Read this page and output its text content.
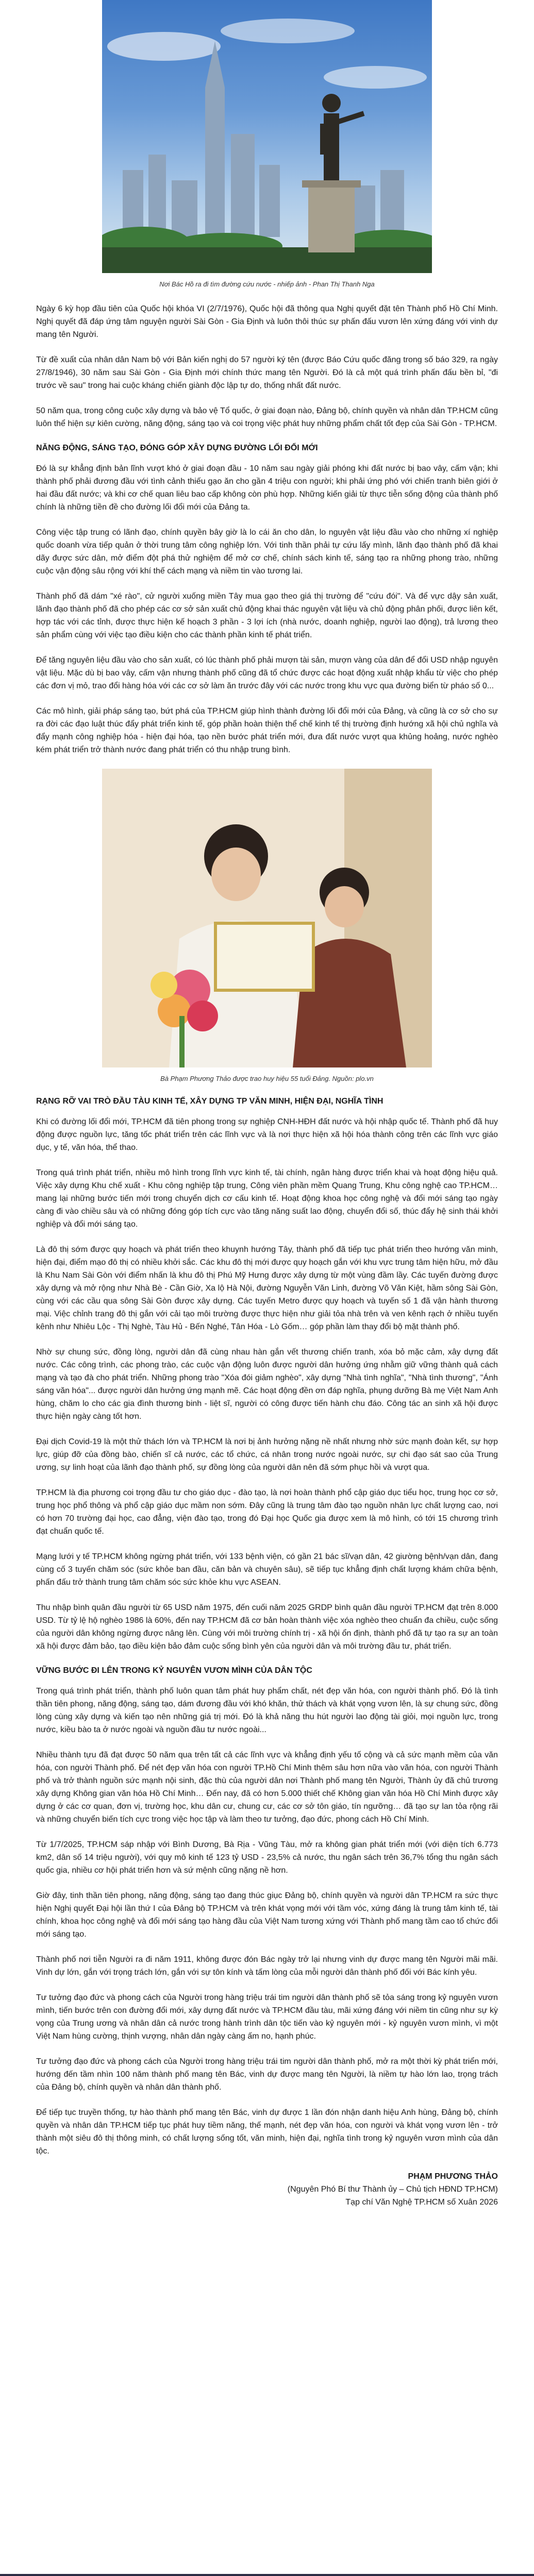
Nơi Bác Hồ ra đi tìm đường cứu nước - nhiếp ảnh - Phan Thị Thanh Nga

Ngày 6 kỳ họp đầu tiên của Quốc hội khóa VI (2/7/1976), Quốc hội đã thông qua Nghị quyết đặt tên Thành phố Hồ Chí Minh. Nghị quyết đã đáp ứng tâm nguyện người Sài Gòn - Gia Định và luôn thôi thúc sự phấn đấu vươn lên xứng đáng với vinh dự mang tên Người.

Từ đề xuất của nhân dân Nam bộ với Bản kiến nghị do 57 người ký tên (được Báo Cứu quốc đăng trong số báo 329, ra ngày 27/8/1946), 30 năm sau Sài Gòn - Gia Định mới chính thức mang tên Người. Đó là cả một quá trình phấn đấu bền bỉ, "đi trước về sau" trong hai cuộc kháng chiến giành độc lập tự do, thống nhất đất nước.

50 năm qua, trong công cuộc xây dựng và bảo vệ Tổ quốc, ở giai đoạn nào, Đảng bộ, chính quyền và nhân dân TP.HCM cũng luôn thể hiện sự kiên cường, năng động, sáng tạo và coi trọng việc phát huy những phẩm chất tốt đẹp của Sài Gòn - TP.HCM.

NĂNG ĐỘNG, SÁNG TẠO, ĐÓNG GÓP XÂY DỰNG ĐƯỜNG LỐI ĐỔI MỚI

Đó là sự khẳng định bản lĩnh vượt khó ở giai đoạn đầu - 10 năm sau ngày giải phóng khi đất nước bị bao vây, cấm vận; khi thành phố phải đương đầu với tình cảnh thiếu gạo ăn cho gần 4 triệu con người; khi phải ứng phó với chiến tranh biên giới ở hai đầu đất nước; và khi cơ chế quan liêu bao cấp không còn phù hợp. Những kiến giải từ thực tiễn sống động của thành phố chính là những tiền đề cho đường lối đổi mới của Đảng ta.

Công việc tập trung có lãnh đạo, chính quyền bây giờ là lo cái ăn cho dân, lo nguyên vật liệu đầu vào cho những xí nghiệp quốc doanh vừa tiếp quản ở thời trung tâm công nghiệp lớn. Với tinh thần phải tự cứu lấy mình, lãnh đạo thành phố đã khai dãy được sức dân, mở điểm đột phá thử nghiệm để mở cơ chế, chính sách kinh tế, sáng tạo ra những phong trào, những cuộc vận động sâu rộng với khí thế cách mạng và niềm tin vào tương lai.

Thành phố đã dám "xé rào", cử người xuống miền Tây mua gạo theo giá thị trường để "cứu đói". Và để vực dậy sản xuất, lãnh đạo thành phố đã cho phép các cơ sở sản xuất chủ động khai thác nguyên vật liệu và chủ động phân phối, được liên kết, hợp tác với các tỉnh, được thực hiện kế hoạch 3 phần - 3 lợi ích (nhà nước, doanh nghiệp, người lao động), trả lương theo sản phẩm cùng với việc tạo điều kiện cho các thành phần kinh tế phát triển.

Để tăng nguyên liệu đầu vào cho sản xuất, có lúc thành phố phải mượn tài sản, mượn vàng của dân để đổi USD nhập nguyên vật liệu. Mặc dù bị bao vây, cấm vận nhưng thành phố cũng đã tổ chức được các hoạt động xuất nhập khẩu từ việc cho phép các đơn vị mỏ, trao đổi hàng hóa với các cơ sở làm ăn trước đây với các nước trong khu vực qua đường biển từ pháo số 0...

Các mô hình, giải pháp sáng tạo, bứt phá của TP.HCM giúp hình thành đường lối đổi mới của Đảng, và cũng là cơ sở cho sự ra đời các đạo luật thúc đẩy phát triển kinh tế, góp phần hoàn thiện thể chế kinh tế thị trường định hướng xã hội chủ nghĩa và đẩy mạnh công nghiệp hóa - hiện đại hóa, tạo nền bước phát triển mới, đưa đất nước vượt qua khủng hoảng, nước nghèo kém phát triển trở thành nước đang phát triển có thu nhập trung bình.

Bà Phạm Phương Thảo được trao huy hiệu 55 tuổi Đảng. Nguồn: plo.vn
RẠNG RỠ VAI TRÒ ĐẦU TÀU KINH TẾ, XÂY DỰNG TP VĂN MINH, HIỆN ĐẠI, NGHĨA TÌNH

Khi có đường lối đổi mới, TP.HCM đã tiên phong trong sự nghiệp CNH-HĐH đất nước và hội nhập quốc tế. Thành phố đã huy động được nguồn lực, tăng tốc phát triển trên các lĩnh vực và là nơi thực hiện xã hội hóa thành công trên các lĩnh vực giáo dục, y tế, văn hóa, thể thao.

Trong quá trình phát triển, nhiều mô hình trong lĩnh vực kinh tế, tài chính, ngân hàng được triển khai và hoạt động hiệu quả. Việc xây dựng Khu chế xuất - Khu công nghiệp tập trung, Công viên phần mềm Quang Trung, Khu công nghệ cao TP.HCM… mang lại những bước tiến mới trong chuyển dịch cơ cấu kinh tế. Hoạt động khoa học công nghệ và đổi mới sáng tạo ngày càng đi vào chiều sâu và có những đóng góp tích cực vào tăng năng suất lao động, chuyển đổi số, thúc đẩy hệ sinh thái khởi nghiệp và đổi mới sáng tạo.

Là đô thị sớm được quy hoạch và phát triển theo khuynh hướng Tây, thành phố đã tiếp tục phát triển theo hướng văn minh, hiện đại, điểm mạo đô thị có nhiều khởi sắc. Các khu đô thị mới được quy hoạch gắn với khu vực trung tâm hiện hữu, mở đầu là Khu Nam Sài Gòn với điểm nhấn là khu đô thị Phú Mỹ Hưng được xây dựng từ một vùng đầm lầy. Các tuyến đường được xây dựng và mở rộng như Nhà Bè - Cần Giờ, Xa lộ Hà Nội, đường Nguyễn Văn Linh, đường Võ Văn Kiệt, hầm sông Sài Gòn, cùng với các cầu qua sông Sài Gòn được xây dựng. Các tuyến Metro được quy hoạch và tuyến số 1 đã vận hành thương mại. Việc chỉnh trang đô thị gắn với cải tạo môi trường được thực hiện như giải tỏa nhà trên và ven kênh rạch ở nhiều tuyến kênh như Nhiêu Lộc - Thị Nghè, Tàu Hủ - Bến Nghé, Tân Hóa - Lò Gốm… góp phần làm thay đổi bộ mặt thành phố.

Nhờ sự chung sức, đồng lòng, người dân đã cùng nhau hàn gắn vết thương chiến tranh, xóa bỏ mặc cảm, xây dựng đất nước. Các công trình, các phong trào, các cuộc vận động luôn được người dân hưởng ứng nhằm giữ vững thành quả cách mạng và tạo đà cho phát triển. Những phong trào "Xóa đói giảm nghèo", xây dựng "Nhà tình nghĩa", "Nhà tình thương", "Ánh sáng văn hóa"... được người dân hưởng ứng mạnh mẽ. Các hoạt động đền ơn đáp nghĩa, phụng dưỡng Bà mẹ Việt Nam Anh hùng, chăm lo cho các gia đình thương binh - liệt sĩ, người có công được tiến hành chu đáo. Công tác an sinh xã hội được thực hiện ngày càng tốt hơn.

Đại dịch Covid-19 là một thử thách lớn và TP.HCM là nơi bị ảnh hưởng nặng nề nhất nhưng nhờ sức mạnh đoàn kết, sự hợp lực, giúp đỡ của đồng bào, chiến sĩ cả nước, các tổ chức, cá nhân trong nước ngoài nước, sự chi đạo sát sao của Trung ương, sự linh hoạt của lãnh đạo thành phố, sự đồng lòng của người dân nên đã sớm phục hồi và vượt qua.

TP.HCM là địa phương coi trọng đầu tư cho giáo dục - đào tạo, là nơi hoàn thành phổ cập giáo dục tiểu học, trung học cơ sở, trung học phổ thông và phổ cập giáo dục mầm non sớm. Đây cũng là trung tâm đào tạo nguồn nhân lực chất lượng cao, nơi có hơn 70 trường đại học, cao đẳng, viện đào tạo, trong đó Đại học Quốc gia được xem là mô hình, có tới 15 chương trình đạt chuẩn quốc tế.

Mạng lưới y tế TP.HCM không ngừng phát triển, với 133 bệnh viện, có gần 21 bác sĩ/vạn dân, 42 giường bệnh/vạn dân, đang cùng cố 3 tuyến chăm sóc (sức khỏe ban đầu, căn bản và chuyên sâu), sẽ tiếp tục khẳng định chất lượng khám chữa bệnh, phấn đấu trở thành trung tâm chăm sóc sức khỏe khu vực ASEAN.

Thu nhập bình quân đầu người từ 65 USD năm 1975, đến cuối năm 2025 GRDP bình quân đầu người TP.HCM đạt trên 8.000 USD. Từ tỷ lệ hộ nghèo 1986 là 60%, đến nay TP.HCM đã cơ bản hoàn thành việc xóa nghèo theo chuẩn đa chiều, cuộc sống của người dân không ngừng được nâng lên. Cùng với môi trường chính trị - xã hội ổn định, thành phố đã tự tạo ra sự an toàn xã hội được đảm bảo, tạo điều kiện bảo đảm cuộc sống bình yên của người dân và môi trường đầu tư, phát triển.

VỮNG BƯỚC ĐI LÊN TRONG KỶ NGUYÊN VƯƠN MÌNH CỦA DÂN TỘC

Trong quá trình phát triển, thành phố luôn quan tâm phát huy phẩm chất, nét đẹp văn hóa, con người thành phố. Đó là tình thần tiên phong, năng động, sáng tạo, dám đương đầu với khó khăn, thử thách và khát vọng vươn lên, là sự chung sức, đồng lòng cùng xây dựng và kiến tạo nên những giá trị mới. Đó là khả năng thu hút người lao động tài giỏi, mọi nguồn lực, trong nước, kiều bào ta ở nước ngoài và nguồn đầu tư nước ngoài...

Nhiều thành tựu đã đạt được 50 năm qua trên tất cả các lĩnh vực và khẳng định yếu tố cộng và cả sức mạnh mềm của văn hóa, con người Thành phố. Để nét đẹp văn hóa con người TP.Hồ Chí Minh thêm sâu hơn nữa vào văn hóa, con người Thành phố và trở thành nguồn sức mạnh nội sinh, đặc thù của người dân nơi Thành phố mang tên Người, Thành ủy đã chủ trương xây dựng Không gian văn hóa Hồ Chí Minh… Đến nay, đã có hơn 5.000 thiết chế Không gian văn hóa Hồ Chí Minh được xây dựng ở các cơ quan, đơn vị, trường học, khu dân cư, chung cư, các cơ sở tôn giáo, tín ngưỡng… đã tạo sự lan tỏa rộng rãi và những chuyển biến tích cực trong việc học tập và làm theo tư tưởng, đạo đức, phong cách Hồ Chí Minh.

Từ 1/7/2025, TP.HCM sáp nhập với Bình Dương, Bà Rịa - Vũng Tàu, mở ra không gian phát triển mới (với diện tích 6.773 km2, dân số 14 triệu người), với quy mô kinh tế 123 tỷ USD - 23,5% cả nước, thu ngân sách trên 36,7% tổng thu ngân sách quốc gia, nhiều cơ hội phát triển hơn và sứ mệnh cũng nặng nề hơn.

Giờ đây, tinh thần tiên phong, năng động, sáng tạo đang thúc giục Đảng bộ, chính quyền và người dân TP.HCM ra sức thực hiện Nghị quyết Đại hội lần thứ I của Đảng bộ TP.HCM và trên khát vọng mới với tầm vóc, xứng đáng là trung tâm kinh tế, tài chính, khoa học công nghệ và đổi mới sáng tạo hàng đầu của Việt Nam tương xứng với Thành phố mang tầm cao tổ chức đổi mới sáng tạo.

Thành phố nơi tiễn Người ra đi năm 1911, không được đón Bác ngày trở lại nhưng vinh dự được mang tên Người mãi mãi. Vinh dự lớn, gắn với trọng trách lớn, gắn với sự tôn kính và tấm lòng của mỗi người dân thành phố đối với Bác kính yêu.

Tư tưởng đạo đức và phong cách của Người trong hàng triệu trái tim người dân thành phố sẽ tỏa sáng trong kỷ nguyên vươn mình, tiến bước trên con đường đổi mới, xây dựng đất nước và TP.HCM đầu tàu, mãi xứng đáng với niềm tin cũng như sự kỳ vọng của Trung ương và nhân dân cả nước trong hành trình dân tộc tiến vào kỷ nguyên mới - kỷ nguyên vươn mình, vì một Việt Nam hùng cường, thịnh vượng, nhân dân ngày càng ấm no, hạnh phúc.

Tư tưởng đạo đức và phong cách của Người trong hàng triệu trái tim người dân thành phố, mở ra một thời kỳ phát triển mới, hướng đến tầm nhìn 100 năm thành phố mang tên Bác, vinh dự được mang tên Người, là niềm tự hào lớn lao, trọng trách của Đảng bộ, chính quyền và nhân dân thành phố.

Để tiếp tục truyền thống, tự hào thành phố mang tên Bác, vinh dự được 1 lần đón nhận danh hiệu Anh hùng, Đảng bộ, chính quyền và nhân dân TP.HCM tiếp tục phát huy tiềm năng, thế mạnh, nét đẹp văn hóa, con người và khát vọng vươn lên - trở thành một siêu đô thị thông minh, có chất lượng sống tốt, văn minh, hiện đại, nghĩa tình trong kỷ nguyên vươn mình của dân tộc.

PHẠM PHƯƠNG THẢO
(Nguyên Phó Bí thư Thành ủy – Chủ tịch HĐND TP.HCM)
Tạp chí Văn Nghệ TP.HCM số Xuân 2026
